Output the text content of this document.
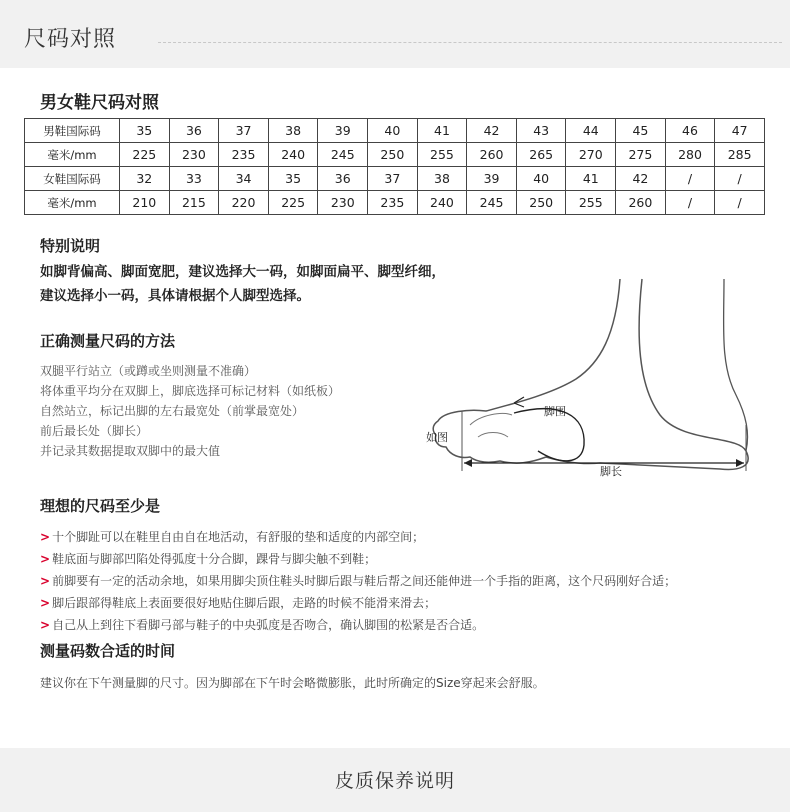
尺码对照
男女鞋尺码对照
男鞋国际码	35	36	37	38	39	40	41	42	43	44	45	46	47
毫米/mm	225	230	235	240	245	250	255	260	265	270	275	280	285
女鞋国际码	32	33	34	35	36	37	38	39	40	41	42	/	/
毫米/mm	210	215	220	225	230	235	240	245	250	255	260	/	/
特别说明
如脚背偏高、脚面宽肥，建议选择大一码，如脚面扁平、脚型纤细，
建议选择小一码，具体请根据个人脚型选择。
正确测量尺码的方法
双腿平行站立（或蹲或坐则测量不准确）
将体重平均分在双脚上，脚底选择可标记材料（如纸板）
自然站立，标记出脚的左右最宽处（前掌最宽处）
前后最长处（脚长）
并记录其数据提取双脚中的最大值
脚围
如图
脚长
理想的尺码至少是
> 十个脚趾可以在鞋里自由自在地活动，有舒服的垫和适度的内部空间；
> 鞋底面与脚部凹陷处得弧度十分合脚，踝骨与脚尖触不到鞋；
> 前脚要有一定的活动余地，如果用脚尖顶住鞋头时脚后跟与鞋后帮之间还能伸进一个手指的距离，这个尺码刚好合适；
> 脚后跟部得鞋底上表面要很好地贴住脚后跟，走路的时候不能滑来滑去；
> 自己从上到往下看脚弓部与鞋子的中央弧度是否吻合，确认脚围的松紧是否合适。
测量码数合适的时间
建议你在下午测量脚的尺寸。因为脚部在下午时会略微膨胀，此时所确定的Size穿起来会舒服。
皮质保养说明
